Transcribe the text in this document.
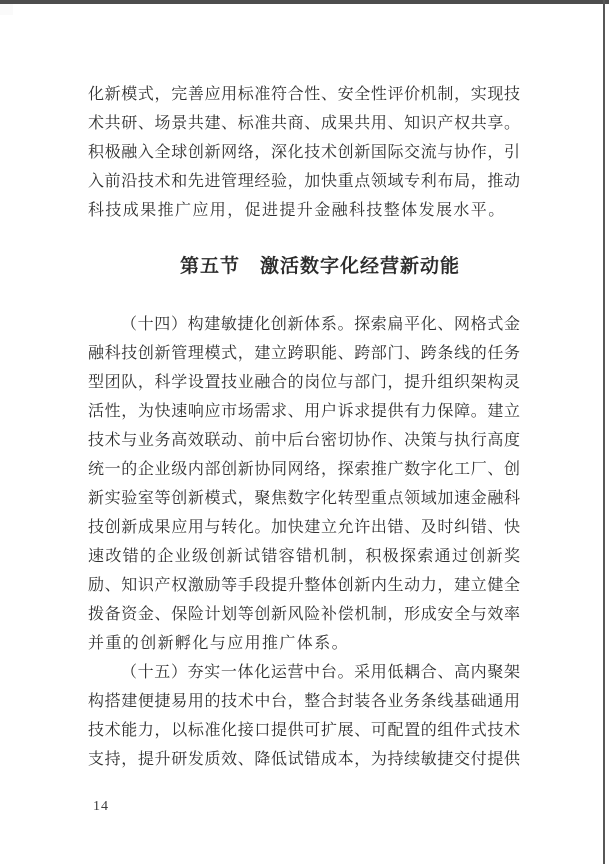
化新模式，完善应用标准符合性、安全性评价机制，实现技

术共研、场景共建、标准共商、成果共用、知识产权共享。

积极融入全球创新网络，深化技术创新国际交流与协作，引

入前沿技术和先进管理经验，加快重点领域专利布局，推动

科技成果推广应用，促进提升金融科技整体发展水平。

第五节　激活数字化经营新动能

（十四）构建敏捷化创新体系。探索扁平化、网格式金

融科技创新管理模式，建立跨职能、跨部门、跨条线的任务

型团队，科学设置技业融合的岗位与部门，提升组织架构灵

活性，为快速响应市场需求、用户诉求提供有力保障。建立

技术与业务高效联动、前中后台密切协作、决策与执行高度

统一的企业级内部创新协同网络，探索推广数字化工厂、创

新实验室等创新模式，聚焦数字化转型重点领域加速金融科

技创新成果应用与转化。加快建立允许出错、及时纠错、快

速改错的企业级创新试错容错机制，积极探索通过创新奖

励、知识产权激励等手段提升整体创新内生动力，建立健全

拨备资金、保险计划等创新风险补偿机制，形成安全与效率

并重的创新孵化与应用推广体系。

（十五）夯实一体化运营中台。采用低耦合、高内聚架

构搭建便捷易用的技术中台，整合封装各业务条线基础通用

技术能力，以标准化接口提供可扩展、可配置的组件式技术

支持，提升研发质效、降低试错成本，为持续敏捷交付提供

14
